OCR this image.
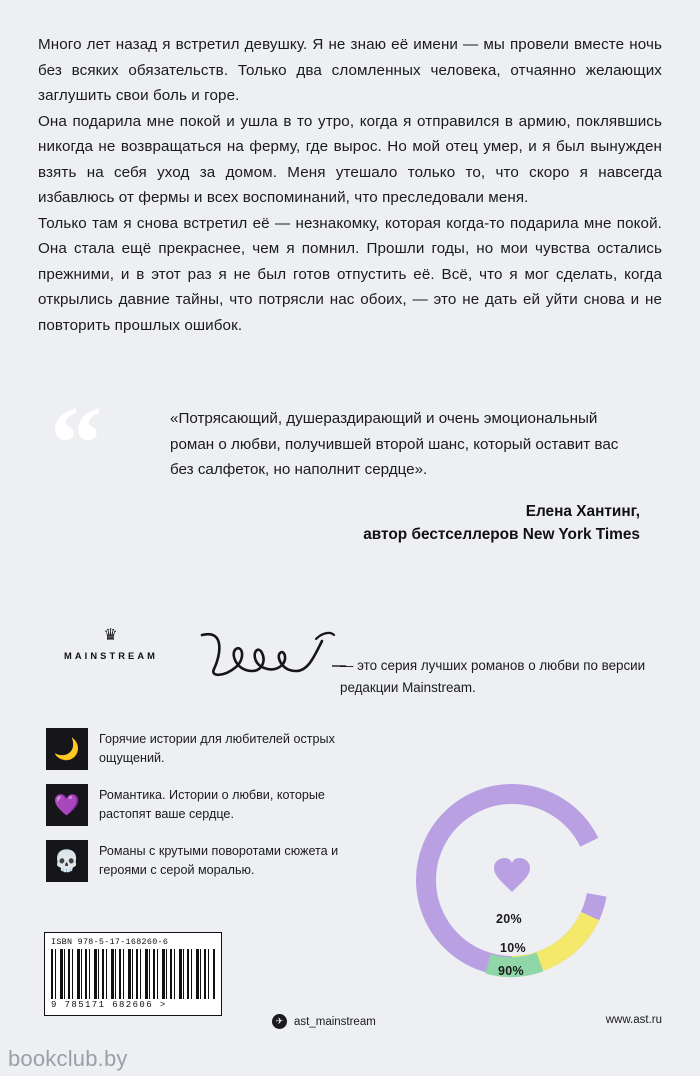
Много лет назад я встретил девушку. Я не знаю её имени — мы провели вместе ночь без всяких обязательств. Только два сломленных человека, отчаянно желающих заглушить свои боль и горе.

Она подарила мне покой и ушла в то утро, когда я отправился в армию, поклявшись никогда не возвращаться на ферму, где вырос. Но мой отец умер, и я был вынужден взять на себя уход за домом. Меня утешало только то, что скоро я навсегда избавлюсь от фермы и всех воспоминаний, что преследовали меня.

Только там я снова встретил её — незнакомку, которая когда-то подарила мне покой. Она стала ещё прекраснее, чем я помнил. Прошли годы, но мои чувства остались прежними, и в этот раз я не был готов отпустить её. Всё, что я мог сделать, когда открылись давние тайны, что потрясли нас обоих, — это не дать ей уйти снова и не повторить прошлых ошибок.

“	«Потрясающий, душераздирающий и очень эмоциональный роман о любви, получившей второй шанс, который оставит вас без салфеток, но наполнит сердце».
Елена Хантинг,
автор бестселлеров New York Times
♛
MAINSTREAM
— это серия лучших романов о любви по версии редакции Mainstream.
🌙 Горячие истории для любителей острых ощущений.
💜 Романтика. Истории о любви, которые растопят ваше сердце.
💀 Романы с крутыми поворотами сюжета и героями с серой моралью.
20%
10%
90%
ISBN 978-5-17-168260-6
9 785171 682606 >
✈ ast_mainstream	www.ast.ru
bookclub.by
